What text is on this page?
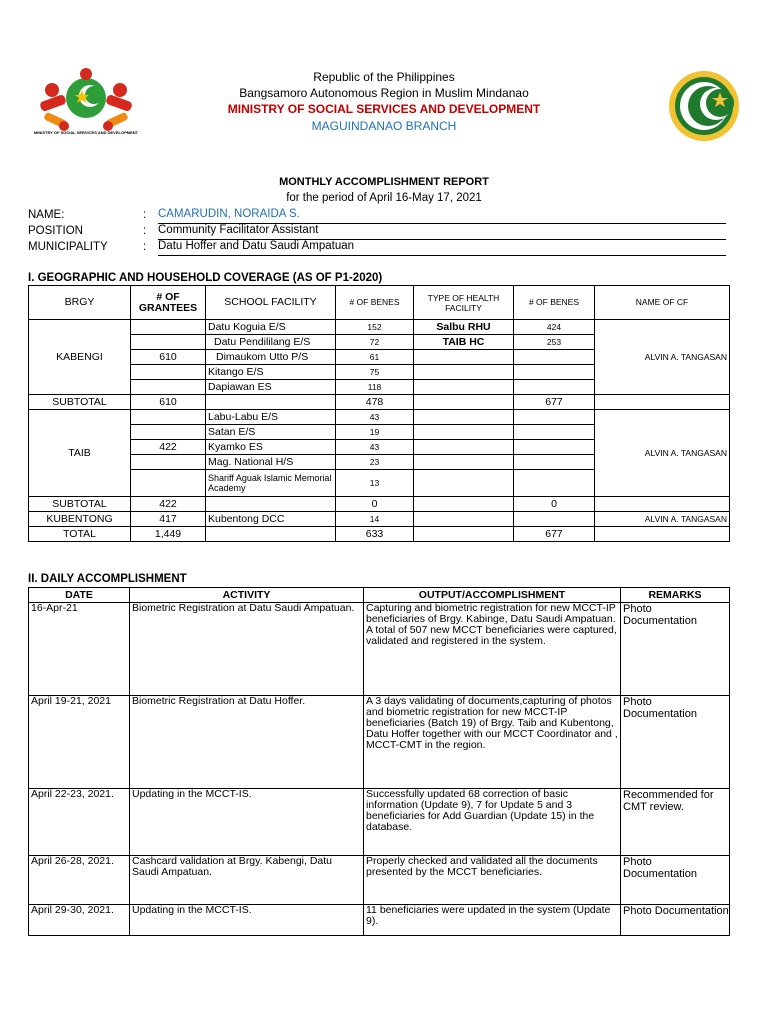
MINISTRY OF SOCIAL SERVICES AND DEVELOPMENT
Republic of the Philippines
Bangsamoro Autonomous Region in Muslim Mindanao
MINISTRY OF SOCIAL SERVICES AND DEVELOPMENT
MAGUINDANAO BRANCH
MONTHLY ACCOMPLISHMENT REPORT
for the period of April 16-May 17, 2021
NAME:	: CAMARUDIN, NORAIDA S.
POSITION	: Community Facilitator Assistant
MUNICIPALITY	: Datu Hoffer and Datu Saudi Ampatuan
I. GEOGRAPHIC AND HOUSEHOLD COVERAGE (AS OF P1-2020)
BRGY	# OF GRANTEES	SCHOOL FACILITY	# OF BENES	TYPE OF HEALTH FACILITY	# OF BENES	NAME OF CF
KABENGI		Datu Koguia E/S	152	Salbu RHU	424	ALVIN A. TANGASAN
		Datu Pendililang E/S	72	TAIB HC	253	
	610	Dimaukom Utto P/S	61			
		Kitango E/S	75			
		Dapiawan ES	118			
SUBTOTAL	610		478		677	
TAIB		Labu-Labu E/S	43			ALVIN A. TANGASAN
		Satan E/S	19			
	422	Kyamko ES	43			
		Mag. National H/S	23			
		Shariff Aguak Islamic Memorial Academy	13			
SUBTOTAL	422		0		0	
KUBENTONG	417	Kubentong DCC	14			ALVIN A. TANGASAN
TOTAL	1,449		633		677	
II. DAILY ACCOMPLISHMENT
DATE	ACTIVITY	OUTPUT/ACCOMPLISHMENT	REMARKS
16-Apr-21	Biometric Registration at Datu Saudi Ampatuan.	Capturing and biometric registration for new MCCT-IP beneficiaries of Brgy. Kabinge, Datu Saudi Ampatuan. A total of 507 new MCCT beneficiaries were captured, validated and registered in the system.	Photo Documentation
April 19-21, 2021	Biometric Registration at Datu Hoffer.	A 3 days validating of documents,capturing of photos and biometric registration for new MCCT-IP beneficiaries (Batch 19) of Brgy. Taib and Kubentong, Datu Hoffer together with our MCCT Coordinator and , MCCT-CMT in the region.	Photo Documentation
April 22-23, 2021.	Updating in the MCCT-IS.	Successfully updated 68 correction of basic information (Update 9), 7 for Update 5 and 3 beneficiaries for Add Guardian (Update 15) in the database.	Recommended for CMT review.
April 26-28, 2021.	Cashcard validation at Brgy. Kabengi, Datu Saudi Ampatuan.	Properly checked and validated all the documents presented by the MCCT beneficiaries.	Photo Documentation
April 29-30, 2021.	Updating in the MCCT-IS.	11 beneficiaries were updated in the system (Update 9).	Photo Documentation
